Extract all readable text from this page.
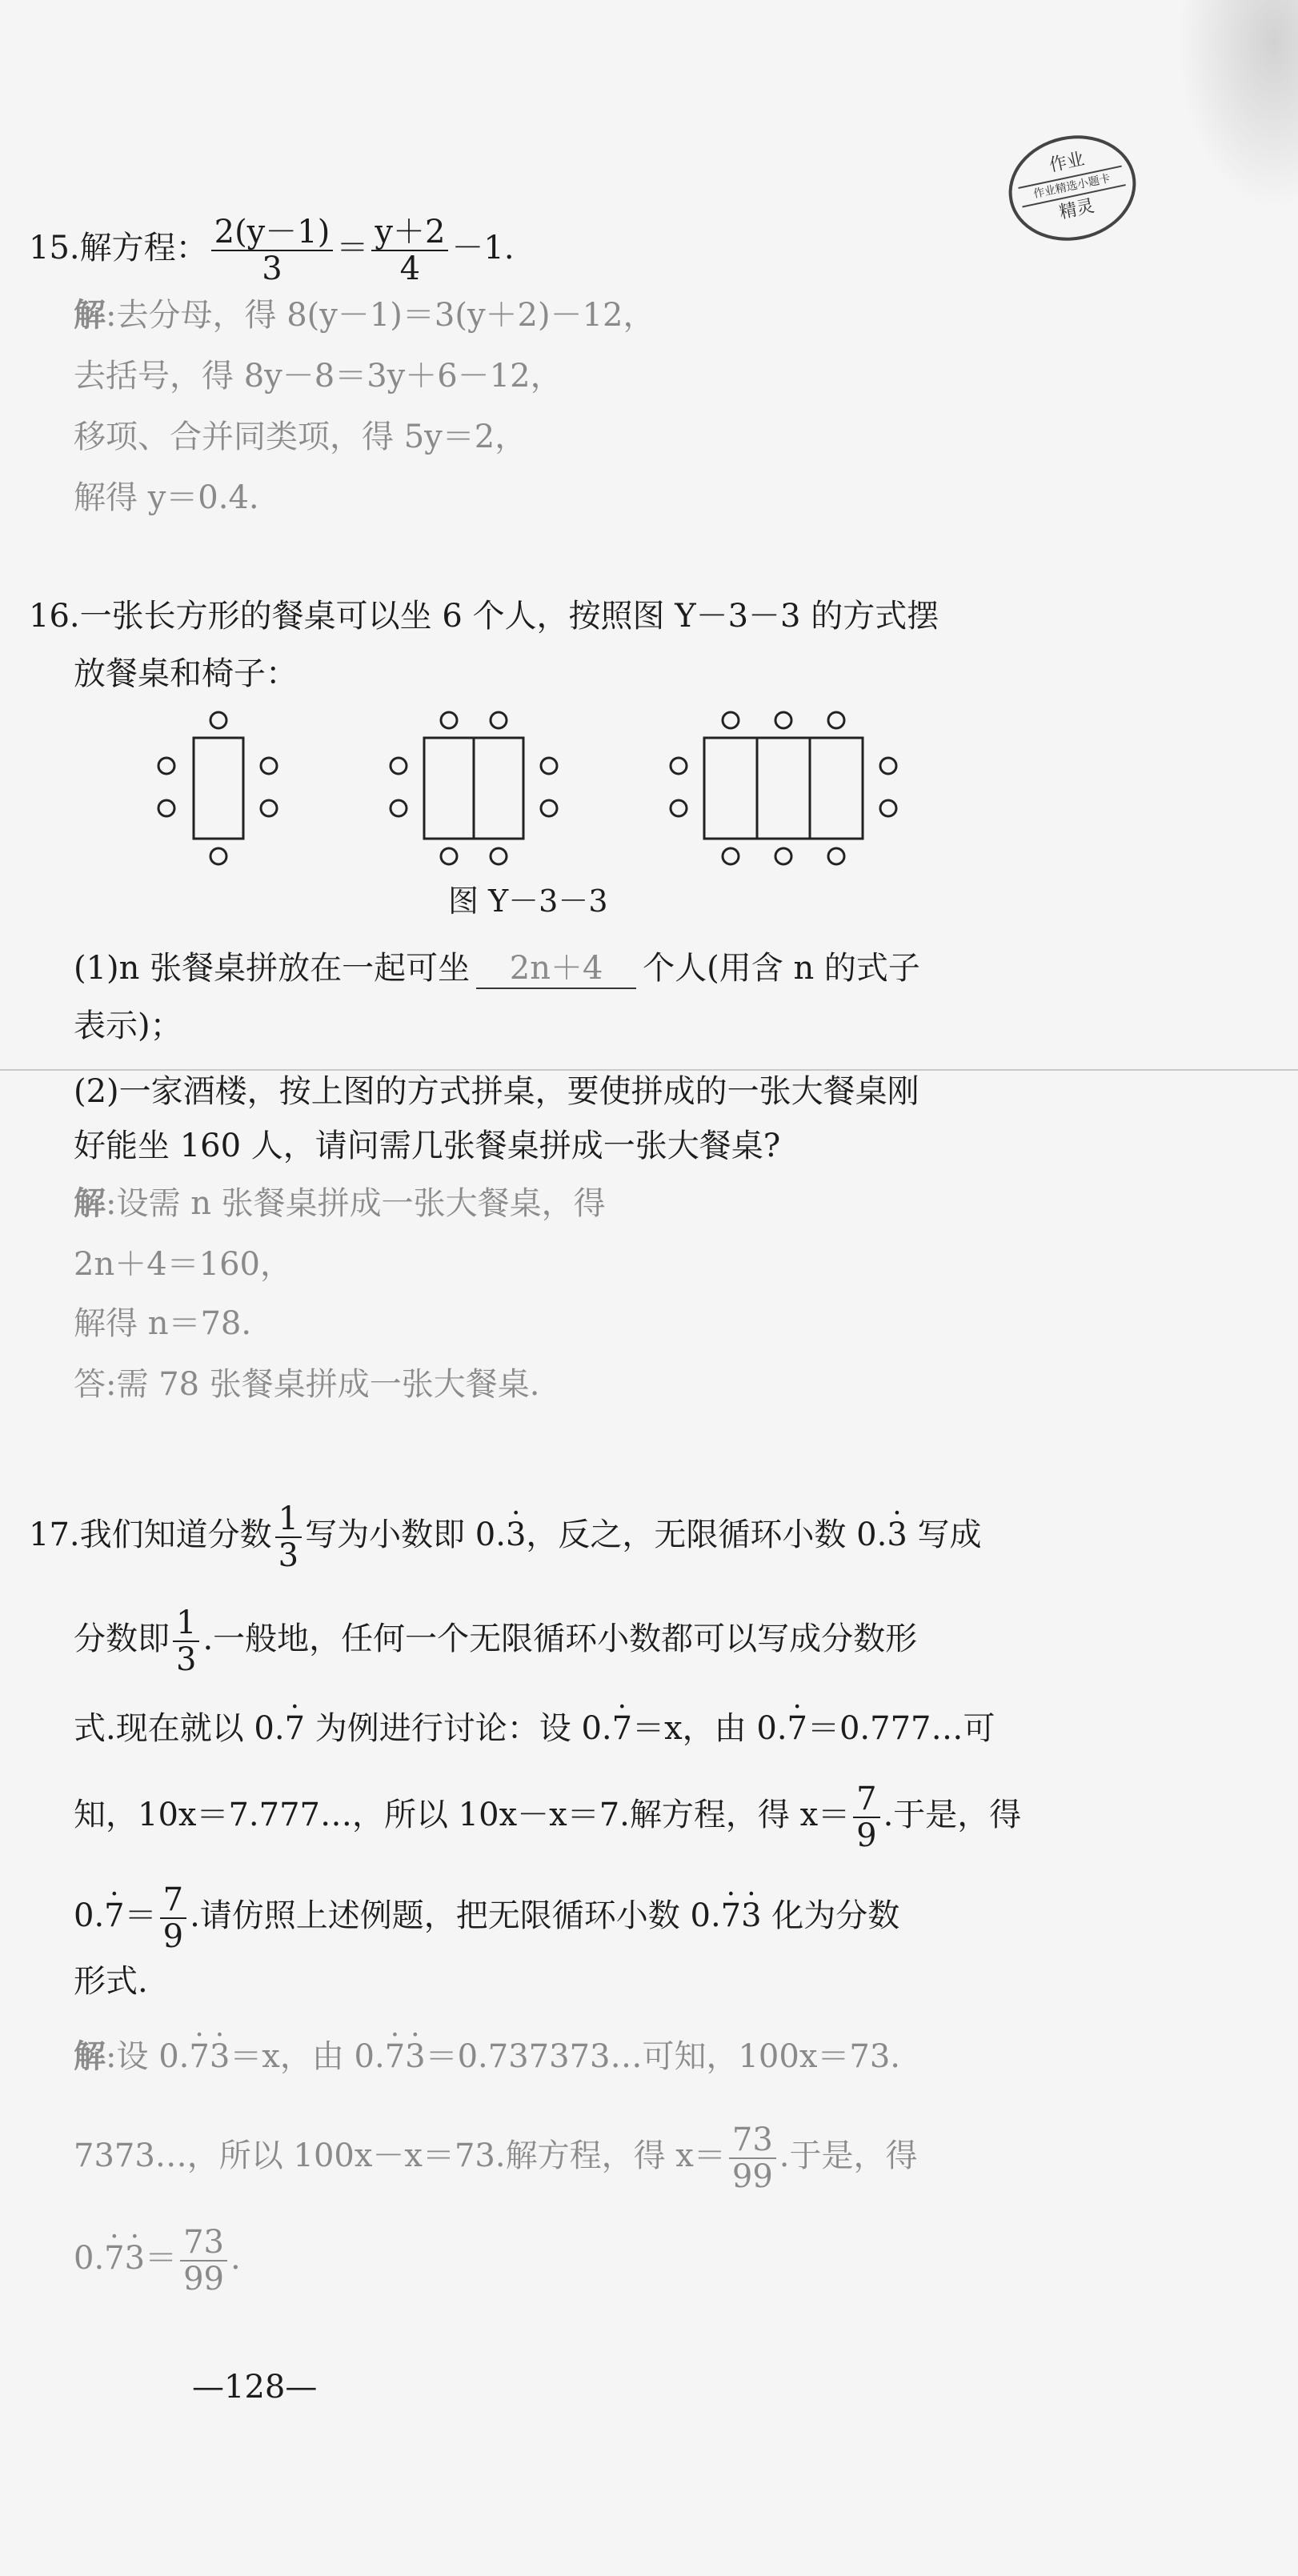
作业
作业精选小题卡
精灵
15.解方程： $\frac{2(y-1)}{3} = \frac{y+2}{4} -1$.
解:去分母，得 8(y－1)＝3(y＋2)－12，
去括号，得 8y－8＝3y＋6－12，
移项、合并同类项，得 5y＝2，
解得 y＝0.4.
16.一张长方形的餐桌可以坐 6 个人，按照图 Y－3－3 的方式摆
放餐桌和椅子：
图 Y－3－3
(1)n 张餐桌拼放在一起可坐 2n＋4 个人(用含 n 的式子
表示)；
(2)一家酒楼，按上图的方式拼桌，要使拼成的一张大餐桌刚
好能坐 160 人，请问需几张餐桌拼成一张大餐桌?
解:设需 n 张餐桌拼成一张大餐桌，得
2n＋4＝160，
解得 n＝78.
答:需 78 张餐桌拼成一张大餐桌.
17.我们知道分数 $\frac{1}{3}$ 写为小数即 0.· 3，反之，无限循环小数 0.· 3 写成
分数即 $\frac{1}{3}$ .一般地，任何一个无限循环小数都可以写成分数形
式.现在就以 0.· 7 为例进行讨论：设 0.· 7＝x，由 0.· 7＝0.777…可
知，10x＝7.777…，所以 10x－x＝7.解方程，得 $x= \frac{7}{9}$ .于是，得
$0.\cdot 7= \frac{7}{9}$ .请仿照上述例题，把无限循环小数 0.· 7· 3 化为分数
形式.
解:设 0.· 7· 3＝x，由 0.· 7· 3＝0.737373…可知，100x＝73.
7373…，所以 100x－x＝73.解方程，得 $x= \frac{73}{99}$ .于是，得
$0.\cdot 7\cdot 3= \frac{73}{99}$ .
—128—
